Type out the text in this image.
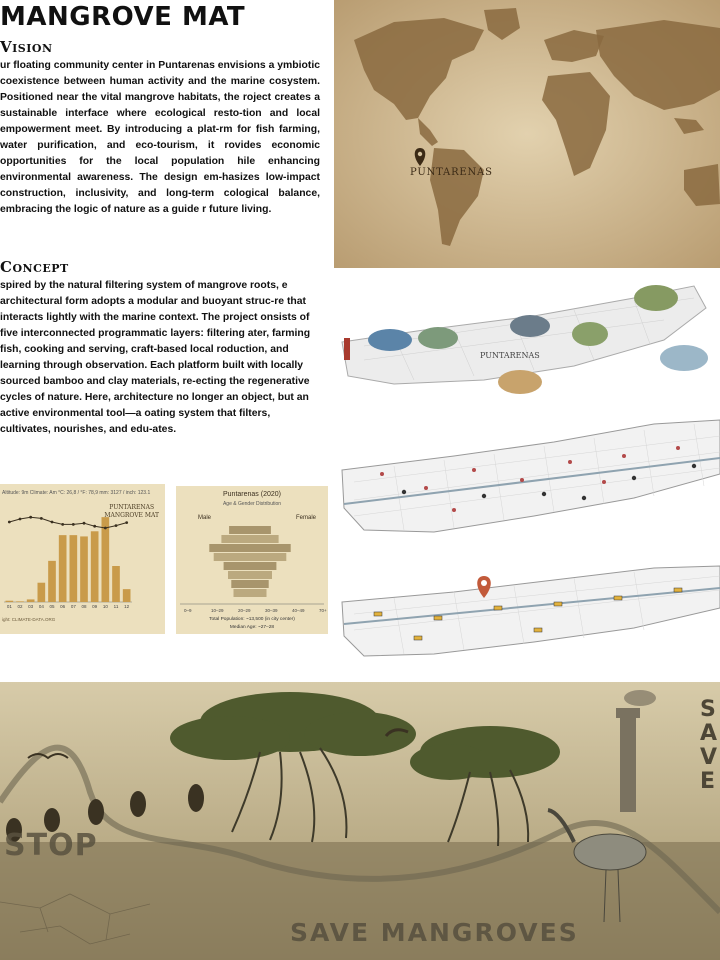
MANGROVE MAT
Vision
ur floating community center in Puntarenas envisions a ymbiotic coexistence between human activity and the marine cosystem. Positioned near the vital mangrove habitats, the roject creates a sustainable interface where ecological resto-tion and local empowerment meet. By introducing a plat-rm for fish farming, water purification, and eco-tourism, it rovides economic opportunities for the local population hile enhancing environmental awareness. The design em-hasizes low-impact construction, inclusivity, and long-term cological balance, embracing the logic of nature as a guide r future living.
Concept
spired by the natural filtering system of mangrove roots, e architectural form adopts a modular and buoyant struc-re that interacts lightly with the marine context. The project onsists of five interconnected programmatic layers: filtering ater, farming fish, cooking and serving, craft-based local roduction, and learning through observation. Each platform built with locally sourced bamboo and clay materials, re-ecting the regenerative cycles of nature. Here, architecture no longer an object, but an active environmental tool—a oating system that filters, cultivates, nourishes, and edu-ates.
PUNTARENAS
PUNTARENAS
01 02 03 04 05 06 07 08 09 10 11 12
Altitude: 9m Climate: Am °C: 26,8 / °F: 78,9 mm: 3127 / inch: 123.1
PUNTARENAS
MANGROVE MAT
ight: CLIMATE-DATA.ORG
0–9	10–29	20–29	30–39	40–49	70+
Puntarenas (2020)
Age & Gender Distribution
Male	Female
Total Population: ~13,500 (in city center)
Median Age: ~27–28
STOP
SAVE MANGROVES
S A V E
